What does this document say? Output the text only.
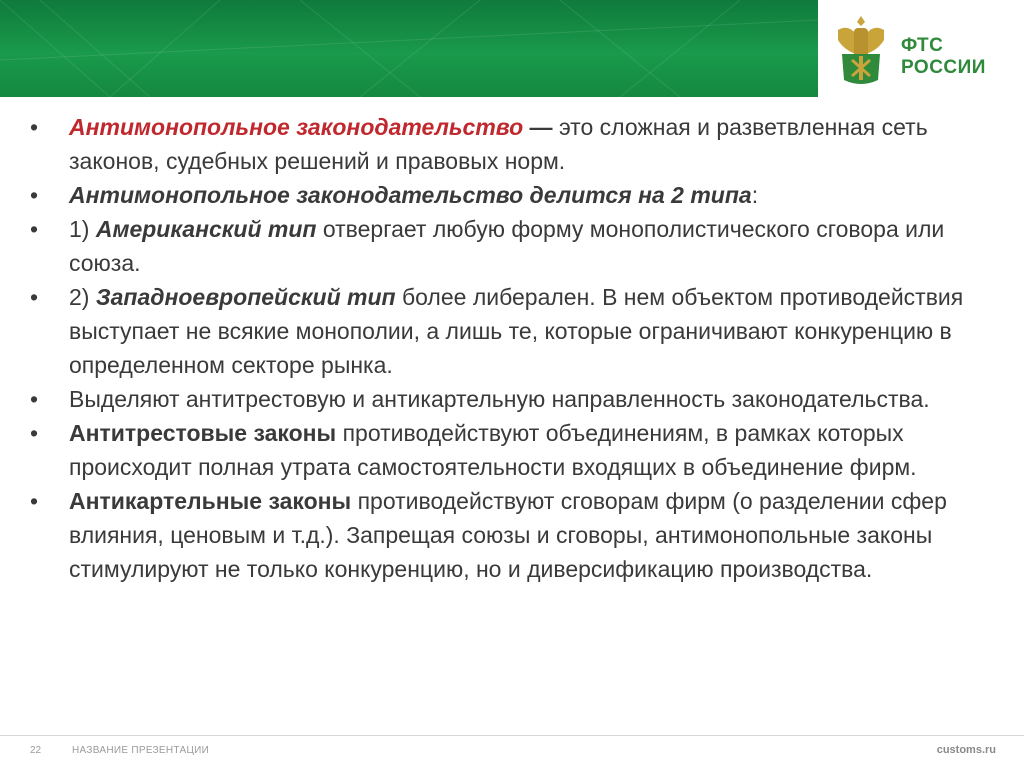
ФТС
РОССИИ
• Антимонопольное законодательство — это сложная и разветвленная сеть законов, судебных решений и правовых норм.
• Антимонопольное законодательство делится на 2 типа:
• 1) Американский тип отвергает любую форму монополистического сговора или союза.
• 2) Западноевропейский тип более либерален. В нем объектом противодействия выступает не всякие монополии, а лишь те, которые ограничивают конкуренцию в определенном секторе рынка.
• Выделяют антитрестовую и антикартельную направленность законодательства.
• Антитрестовые законы противодействуют объединениям, в рамках которых происходит полная утрата самостоятельности входящих в объединение фирм.
• Антикартельные законы противодействуют сговорам фирм (о разделении сфер влияния, ценовым и т.д.). Запрещая союзы и сговоры, антимонопольные законы стимулируют не только конкуренцию, но и диверсификацию производства.
22	НАЗВАНИЕ ПРЕЗЕНТАЦИИ	customs.ru
